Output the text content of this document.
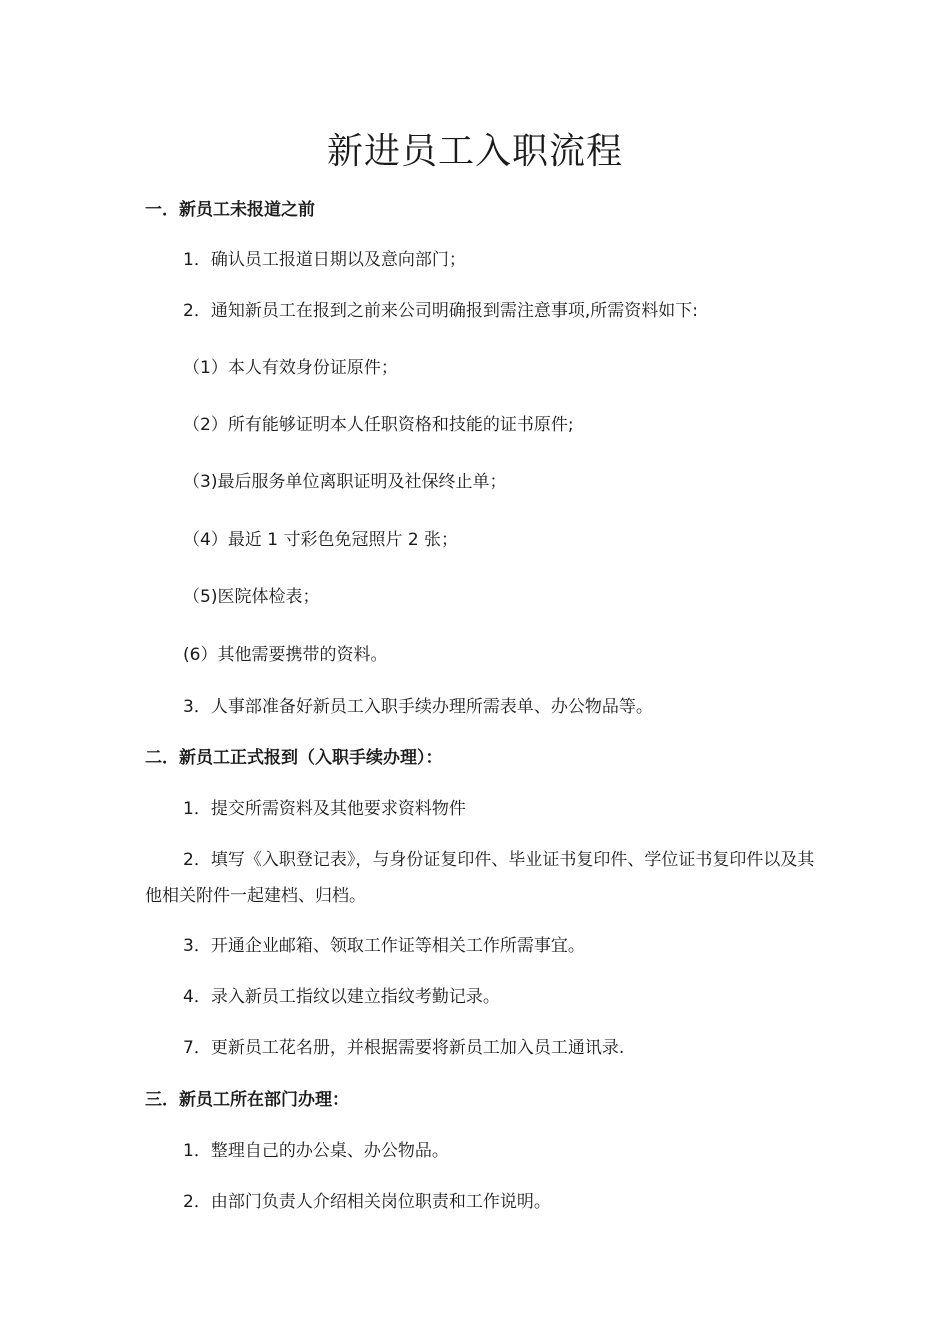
新进员工入职流程
一．新员工未报道之前
1．确认员工报道日期以及意向部门；
2．通知新员工在报到之前来公司明确报到需注意事项,所需资料如下:
（1）本人有效身份证原件；
（2）所有能够证明本人任职资格和技能的证书原件;
（3)最后服务单位离职证明及社保终止单；
（4）最近 1 寸彩色免冠照片 2 张；
（5)医院体检表；
(6）其他需要携带的资料。
3．人事部准备好新员工入职手续办理所需表单、办公物品等。
二．新员工正式报到（入职手续办理）：
1．提交所需资料及其他要求资料物件
2．填写《入职登记表》，与身份证复印件、毕业证书复印件、学位证书复印件以及其他相关附件一起建档、归档。
3．开通企业邮箱、领取工作证等相关工作所需事宜。
4．录入新员工指纹以建立指纹考勤记录。
7．更新员工花名册，并根据需要将新员工加入员工通讯录.
三．新员工所在部门办理：
1．整理自己的办公桌、办公物品。
2．由部门负责人介绍相关岗位职责和工作说明。
